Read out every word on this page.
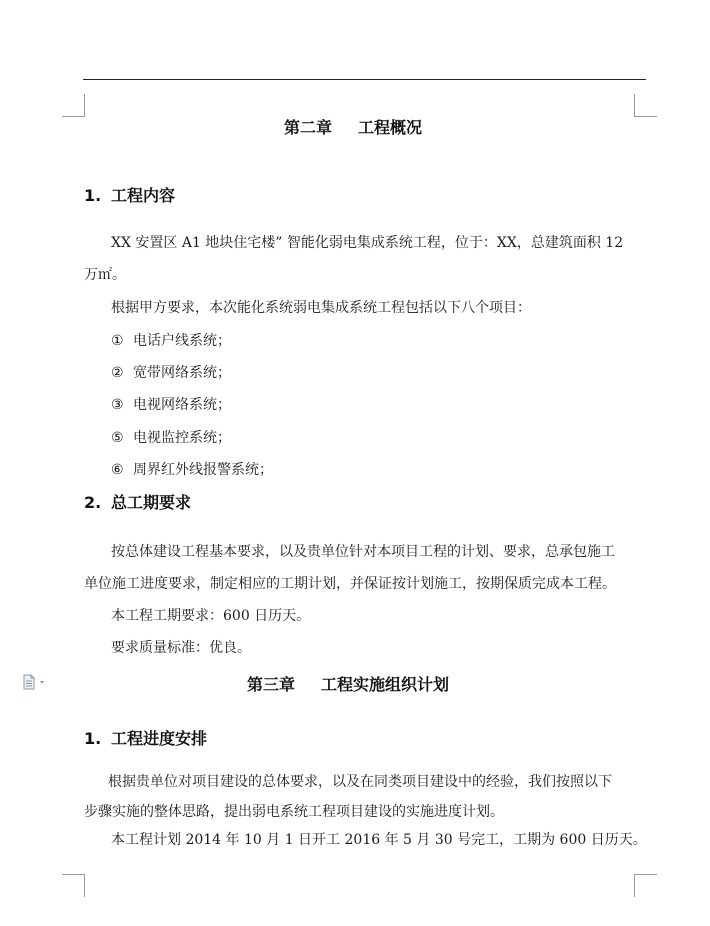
第二章 工程概况
1. 工程内容
XX 安置区 A1 地块住宅楼” 智能化弱电集成系统工程，位于：XX，总建筑面积 12
万㎡。
根据甲方要求，本次能化系统弱电集成系统工程包括以下八个项目：
① 电话户线系统；
② 宽带网络系统；
③ 电视网络系统；
⑤ 电视监控系统；
⑥ 周界红外线报警系统；
2. 总工期要求
按总体建设工程基本要求，以及贵单位针对本项目工程的计划、要求，总承包施工
单位施工进度要求，制定相应的工期计划，并保证按计划施工，按期保质完成本工程。
本工程工期要求：600 日历天。
要求质量标准：优良。
第三章 工程实施组织计划
1. 工程进度安排
根据贵单位对项目建设的总体要求，以及在同类项目建设中的经验，我们按照以下
步骤实施的整体思路，提出弱电系统工程项目建设的实施进度计划。
本工程计划 2014 年 10 月 1 日开工 2016 年 5 月 30 号完工，工期为 600 日历天。
